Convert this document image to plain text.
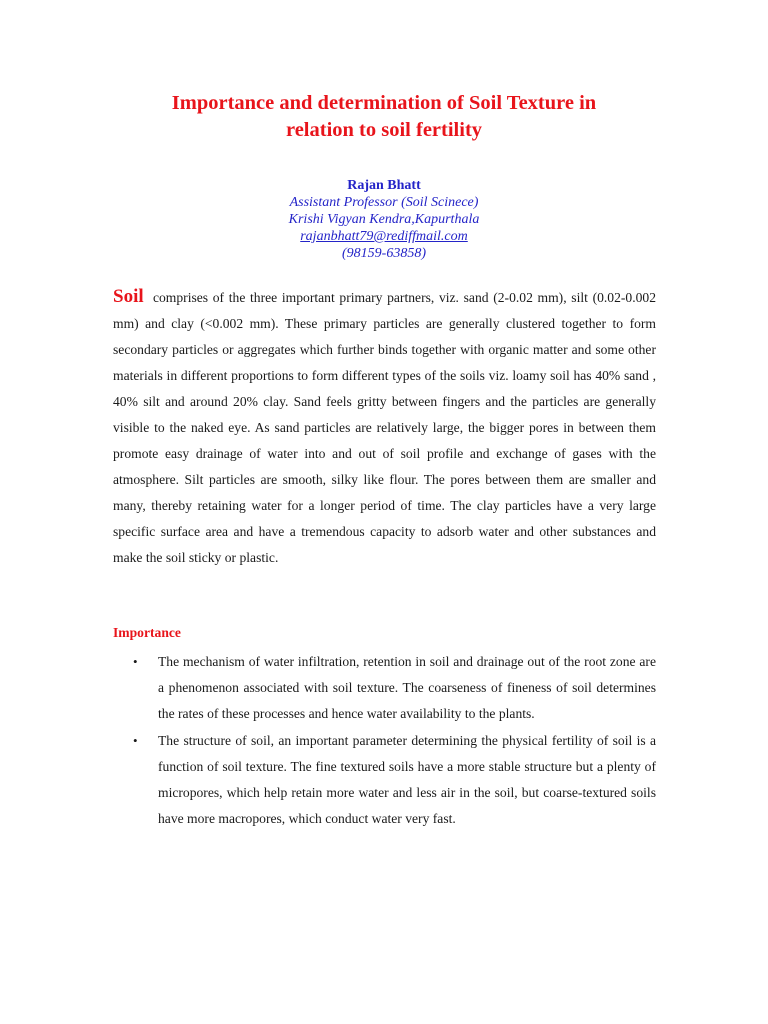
Importance and determination of Soil Texture in
relation to soil fertility
Rajan Bhatt
Assistant Professor (Soil Scinece)
Krishi Vigyan Kendra,Kapurthala
rajanbhatt79@rediffmail.com
(98159-63858)

Soil comprises of the three important primary partners, viz. sand (2-0.02 mm), silt (0.02-0.002 mm) and clay (<0.002 mm). These primary particles are generally clustered together to form secondary particles or aggregates which further binds together with organic matter and some other materials in different proportions to form different types of the soils viz. loamy soil has 40% sand , 40% silt and around 20% clay. Sand feels gritty between fingers and the particles are generally visible to the naked eye. As sand particles are relatively large, the bigger pores in between them promote easy drainage of water into and out of soil profile and exchange of gases with the atmosphere. Silt particles are smooth, silky like flour. The pores between them are smaller and many, thereby retaining water for a longer period of time. The clay particles have a very large specific surface area and have a tremendous capacity to adsorb water and other substances and make the soil sticky or plastic.

Importance
• The mechanism of water infiltration, retention in soil and drainage out of the root zone are a phenomenon associated with soil texture. The coarseness of fineness of soil determines the rates of these processes and hence water availability to the plants.
• The structure of soil, an important parameter determining the physical fertility of soil is a function of soil texture. The fine textured soils have a more stable structure but a plenty of micropores, which help retain more water and less air in the soil, but coarse-textured soils have more macropores, which conduct water very fast.
